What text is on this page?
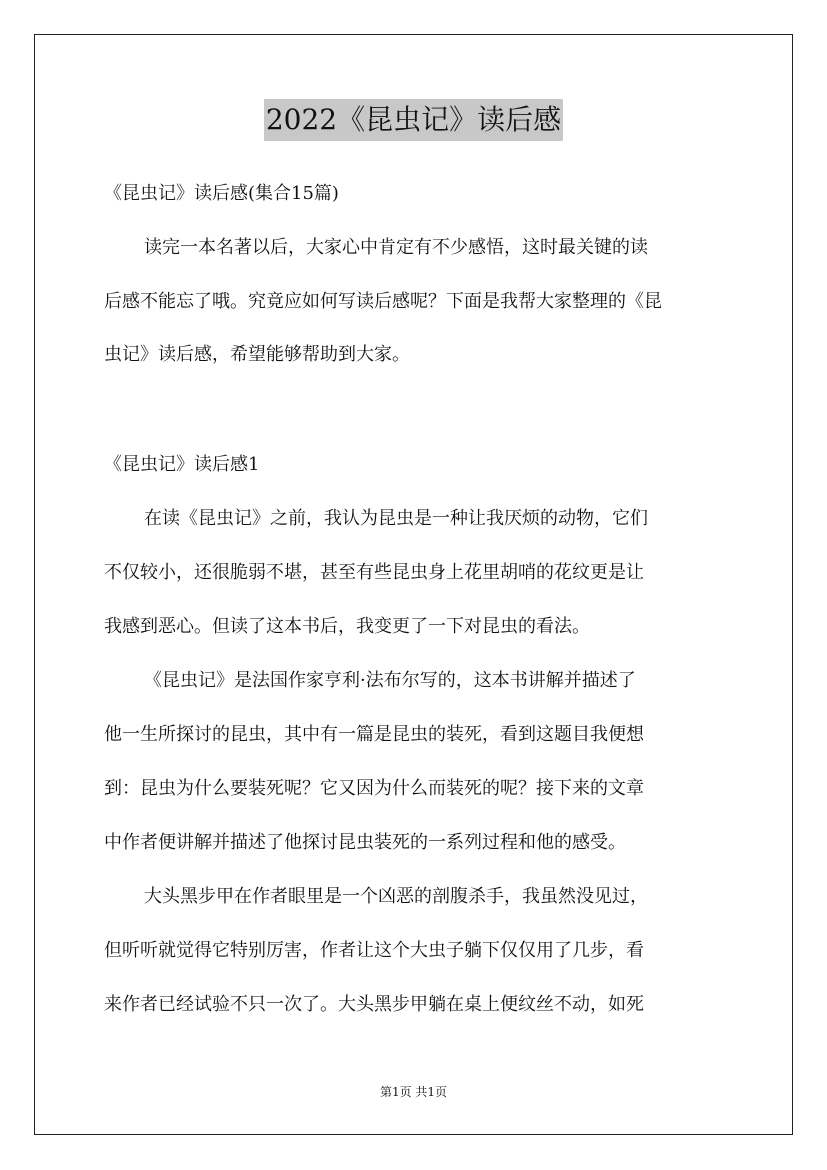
2022《昆虫记》读后感
《昆虫记》读后感(集合15篇)
读完一本名著以后，大家心中肯定有不少感悟，这时最关键的读
后感不能忘了哦。究竟应如何写读后感呢？下面是我帮大家整理的《昆
虫记》读后感，希望能够帮助到大家。
《昆虫记》读后感1
在读《昆虫记》之前，我认为昆虫是一种让我厌烦的动物，它们
不仅较小，还很脆弱不堪，甚至有些昆虫身上花里胡哨的花纹更是让
我感到恶心。但读了这本书后，我变更了一下对昆虫的看法。
《昆虫记》是法国作家亨利·法布尔写的，这本书讲解并描述了
他一生所探讨的昆虫，其中有一篇是昆虫的装死，看到这题目我便想
到：昆虫为什么要装死呢？它又因为什么而装死的呢？接下来的文章
中作者便讲解并描述了他探讨昆虫装死的一系列过程和他的感受。
大头黑步甲在作者眼里是一个凶恶的剖腹杀手，我虽然没见过，
但听听就觉得它特别厉害，作者让这个大虫子躺下仅仅用了几步，看
来作者已经试验不只一次了。大头黑步甲躺在桌上便纹丝不动，如死
第1页 共1页
